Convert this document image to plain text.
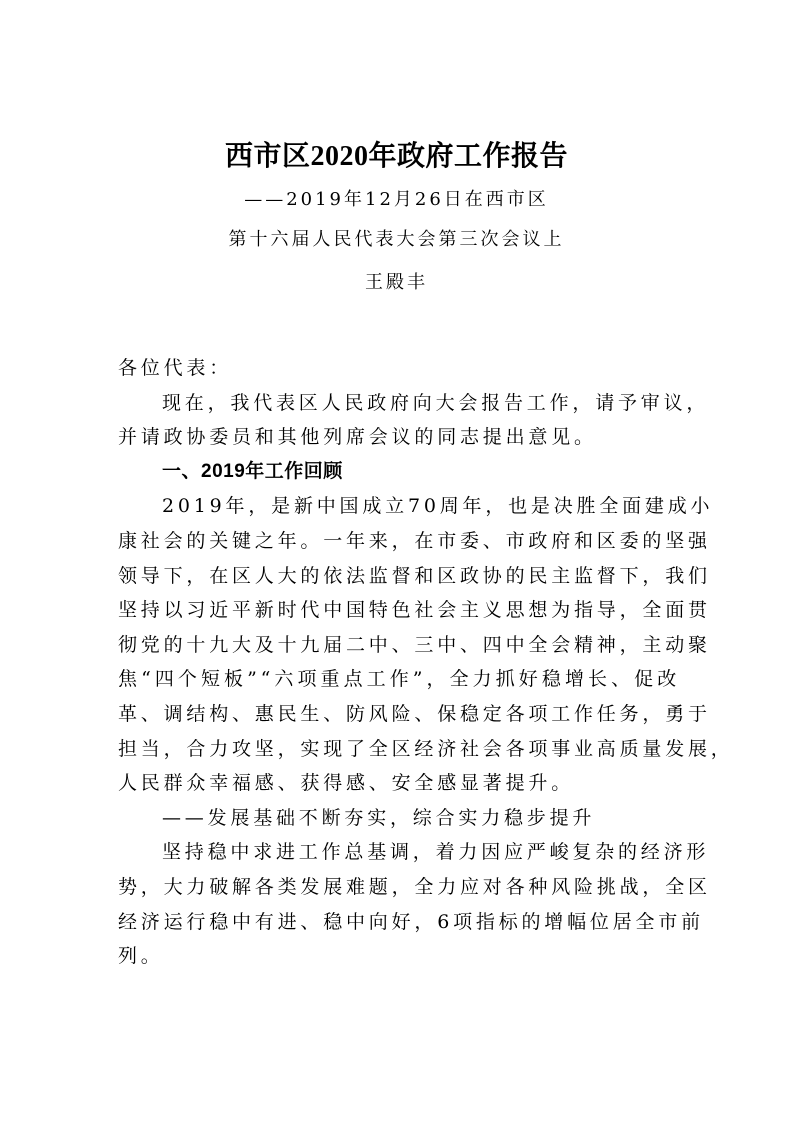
西市区2020年政府工作报告
——2019年12月26日在西市区
第十六届人民代表大会第三次会议上
王殿丰
各位代表：
现在，我代表区人民政府向大会报告工作，请予审议，
并请政协委员和其他列席会议的同志提出意见。
一、2019年工作回顾
2019年，是新中国成立70周年，也是决胜全面建成小
康社会的关键之年。一年来，在市委、市政府和区委的坚强
领导下，在区人大的依法监督和区政协的民主监督下，我们
坚持以习近平新时代中国特色社会主义思想为指导，全面贯
彻党的十九大及十九届二中、三中、四中全会精神，主动聚
焦“四个短板”“六项重点工作”，全力抓好稳增长、促改
革、调结构、惠民生、防风险、保稳定各项工作任务，勇于
担当，合力攻坚，实现了全区经济社会各项事业高质量发展，
人民群众幸福感、获得感、安全感显著提升。
——发展基础不断夯实，综合实力稳步提升
坚持稳中求进工作总基调，着力因应严峻复杂的经济形
势，大力破解各类发展难题，全力应对各种风险挑战，全区
经济运行稳中有进、稳中向好，6项指标的增幅位居全市前
列。
